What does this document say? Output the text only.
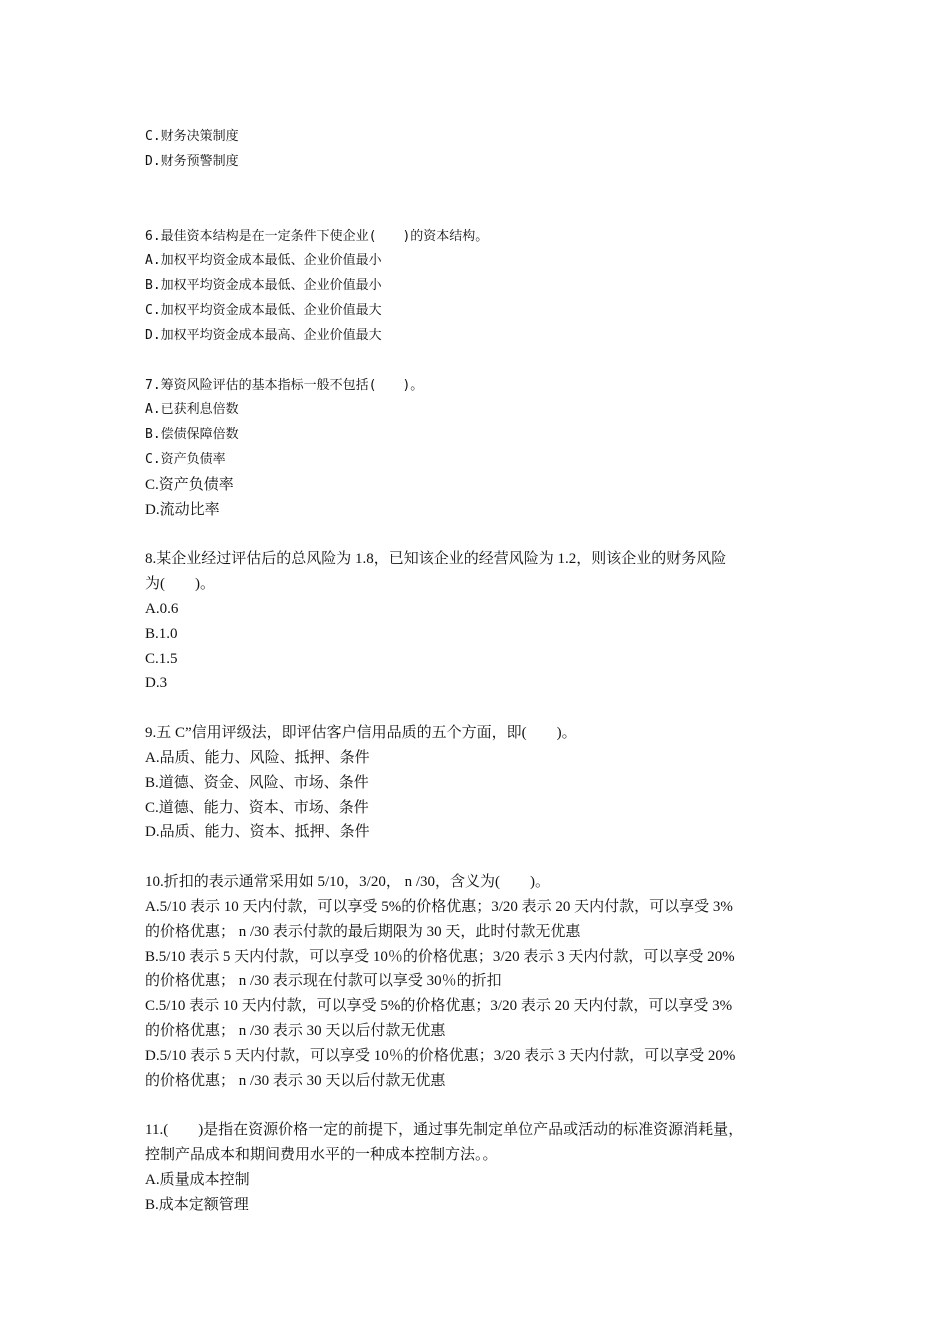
C.财务决策制度
D.财务预警制度
6.最佳资本结构是在一定条件下使企业(　　)的资本结构。
A.加权平均资金成本最低、企业价值最小
B.加权平均资金成本最低、企业价值最小
C.加权平均资金成本最低、企业价值最大
D.加权平均资金成本最高、企业价值最大
7.筹资风险评估的基本指标一般不包括(　　)。
A.已获利息倍数
B.偿债保障倍数
C.资产负债率
C.资产负债率
D.流动比率
8.某企业经过评估后的总风险为 1.8，已知该企业的经营风险为 1.2，则该企业的财务风险
为(　　)。
A.0.6
B.1.0
C.1.5
D.3
9.五 C”信用评级法，即评估客户信用品质的五个方面，即(　　)。
A.品质、能力、风险、抵押、条件
B.道德、资金、风险、市场、条件
C.道德、能力、资本、市场、条件
D.品质、能力、资本、抵押、条件
10.折扣的表示通常采用如 5/10，3/20， n /30，含义为(　　)。
A.5/10 表示 10 天内付款，可以享受 5%的价格优惠；3/20 表示 20 天内付款，可以享受 3%
的价格优惠； n /30 表示付款的最后期限为 30 天，此时付款无优惠
B.5/10 表示 5 天内付款，可以享受 10％的价格优惠；3/20 表示 3 天内付款，可以享受 20%
的价格优惠； n /30 表示现在付款可以享受 30％的折扣
C.5/10 表示 10 天内付款，可以享受 5%的价格优惠；3/20 表示 20 天内付款，可以享受 3%
的价格优惠； n /30 表示 30 天以后付款无优惠
D.5/10 表示 5 天内付款，可以享受 10％的价格优惠；3/20 表示 3 天内付款，可以享受 20%
的价格优惠； n /30 表示 30 天以后付款无优惠
11.(　　)是指在资源价格一定的前提下，通过事先制定单位产品或活动的标准资源消耗量，
控制产品成本和期间费用水平的一种成本控制方法。。
A.质量成本控制
B.成本定额管理
